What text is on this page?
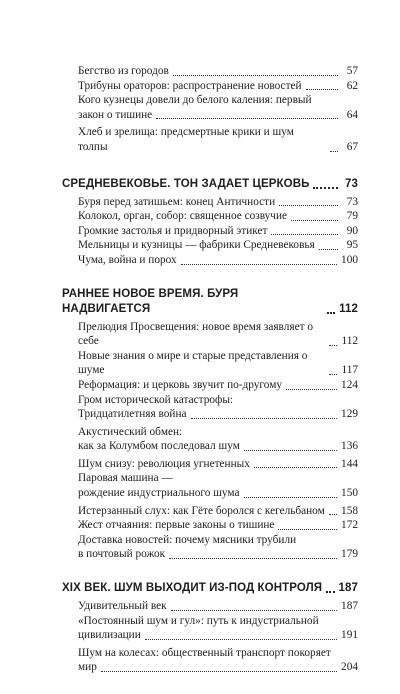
Бегство из городов	57
Трибуны ораторов: распространение новостей	62
Кого кузнецы довели до белого каления: первый
закон о тишине	64
Хлеб и зрелища: предсмертные крики и шум толпы	67
СРЕДНЕВЕКОВЬЕ. ТОН ЗАДАЕТ ЦЕРКОВЬ	73
Буря перед затишьем: конец Античности	73
Колокол, орган, собор: священное созвучие	79
Громкие застолья и придворный этикет	90
Мельницы и кузницы — фабрики Средневековья	95
Чума, война и порох	100
РАННЕЕ НОВОЕ ВРЕМЯ. БУРЯ НАДВИГАЕТСЯ	112
Прелюдия Просвещения: новое время заявляет о себе	112
Новые знания о мире и старые представления о шуме	117
Реформация: и церковь звучит по-другому	124
Гром исторической катастрофы:
Тридцатилетняя война	129
Акустический обмен:
как за Колумбом последовал шум	136
Шум снизу: революция угнетенных	144
Паровая машина —
рождение индустриального шума	150
Истерзанный слух: как Гёте боролся с кегельбаном 158
Жест отчаяния: первые законы о тишине	172
Доставка новостей: почему мясники трубили
в почтовый рожок	179
XIX ВЕК. ШУМ ВЫХОДИТ ИЗ-ПОД КОНТРОЛЯ 187
Удивительный век	187
«Постоянный шум и гул»: путь к индустриальной
цивилизации	191
Шум на колесах: общественный транспорт покоряет
мир	204
